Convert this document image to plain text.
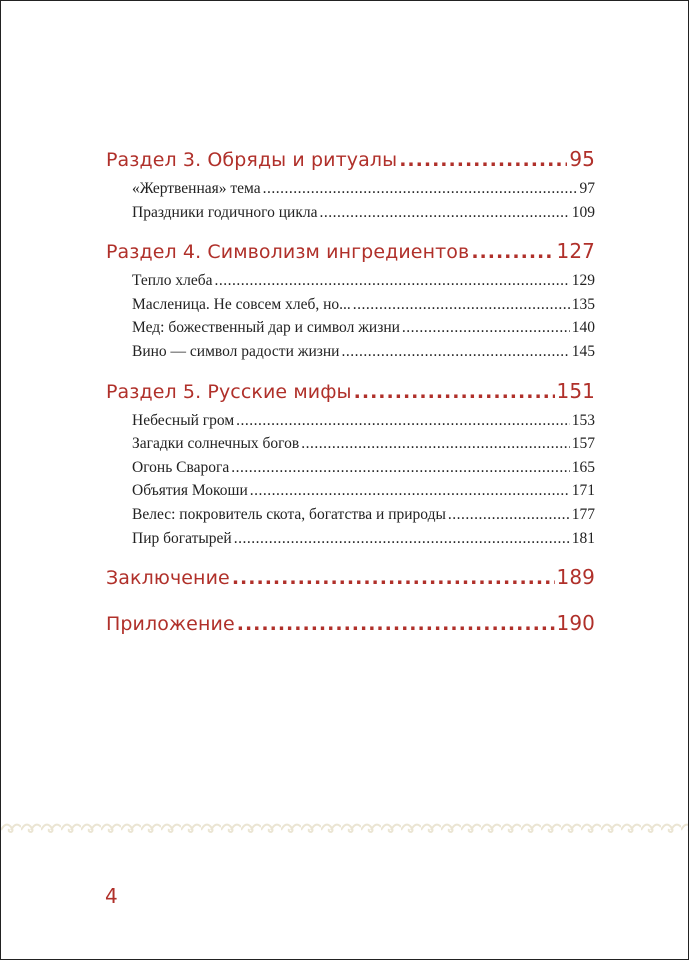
Раздел 3. Обряды и ритуалы .....	95
«Жертвенная» тема .....	97
Праздники годичного цикла .....	109
Раздел 4. Символизм ингредиентов .....	127
Тепло хлеба .....	129
Масленица. Не совсем хлеб, но... .....	135
Мед: божественный дар и символ жизни .....	140
Вино — символ радости жизни .....	145
Раздел 5. Русские мифы .....	151
Небесный гром .....	153
Загадки солнечных богов .....	157
Огонь Сварога .....	165
Объятия Мокоши .....	171
Велес: покровитель скота, богатства и природы .....	177
Пир богатырей .....	181
Заключение .....	189
Приложение .....	190
4
